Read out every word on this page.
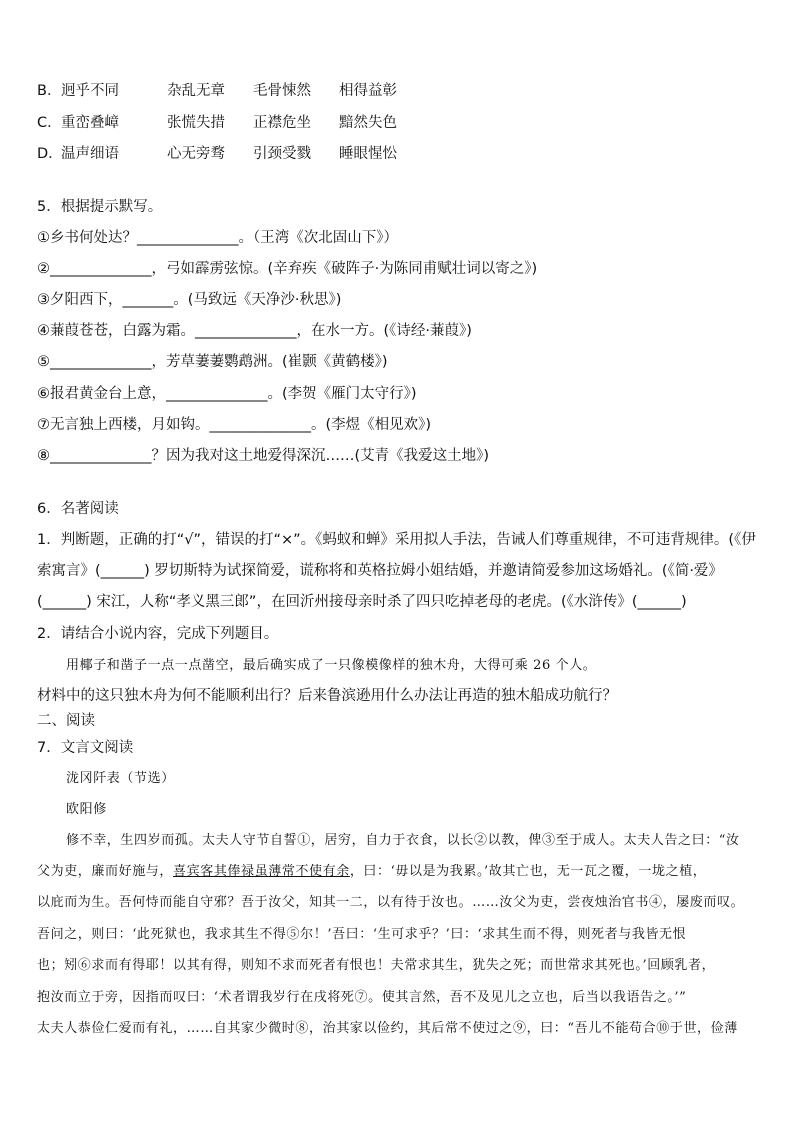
B．迥乎不同	杂乱无章 毛骨悚然 相得益彰
C．重峦叠嶂	张慌失措 正襟危坐 黯然失色
D．温声细语	心无旁骛 引颈受戮 睡眼惺忪
5．根据提示默写。
①乡书何处达？______________。（王湾《次北固山下》）
②______________，弓如霹雳弦惊。(辛弃疾《破阵子·为陈同甫赋壮词以寄之》)
③夕阳西下，_______。(马致远《天净沙·秋思》)
④蒹葭苍苍，白露为霜。______________，在水一方。(《诗经·蒹葭》)
⑤______________，芳草萋萋鹦鹉洲。(崔颢《黄鹤楼》)
⑥报君黄金台上意，______________。(李贺《雁门太守行》)
⑦无言独上西楼，月如钩。______________。(李煜《相见欢》)
⑧______________？因为我对这土地爱得深沉……(艾青《我爱这土地》)
6．名著阅读
1．判断题，正确的打“√”，错误的打“×”。《蚂蚁和蝉》采用拟人手法，告诫人们尊重规律，不可违背规律。(《伊
索寓言》(______) 罗切斯特为试探简爱，谎称将和英格拉姆小姐结婚，并邀请简爱参加这场婚礼。(《简·爱》
(______) 宋江，人称“孝义黑三郎”，在回沂州接母亲时杀了四只吃掉老母的老虎。(《水浒传》(______)
2．请结合小说内容，完成下列题目。
用椰子和凿子一点一点凿空，最后确实成了一只像模像样的独木舟，大得可乘 26 个人。
材料中的这只独木舟为何不能顺利出行？后来鲁滨逊用什么办法让再造的独木船成功航行？
二、阅读
7．文言文阅读
泷冈阡表（节选）
欧阳修
修不幸，生四岁而孤。太夫人守节自誓①，居穷，自力于衣食，以长②以教，俾③至于成人。太夫人告之曰：“汝
父为吏，廉而好施与，喜宾客其俸禄虽薄常不使有余，曰：‘毋以是为我累。’故其亡也，无一瓦之覆，一垅之植，
以庇而为生。吾何恃而能自守邪？吾于汝父，知其一二，以有待于汝也。……汝父为吏，尝夜烛治官书④，屡废而叹。
吾问之，则曰：‘此死狱也，我求其生不得⑤尔！’吾曰：‘生可求乎？’曰：‘求其生而不得，则死者与我皆无恨
也；矧⑥求而有得耶！以其有得，则知不求而死者有恨也！夫常求其生，犹失之死；而世常求其死也。’回顾乳者，
抱汝而立于旁，因指而叹曰：‘术者谓我岁行在戌将死⑦。使其言然，吾不及见儿之立也，后当以我语告之。’”
太夫人恭俭仁爱而有礼，……自其家少微时⑧，治其家以俭约，其后常不使过之⑨，曰：“吾儿不能苟合⑩于世，俭薄
